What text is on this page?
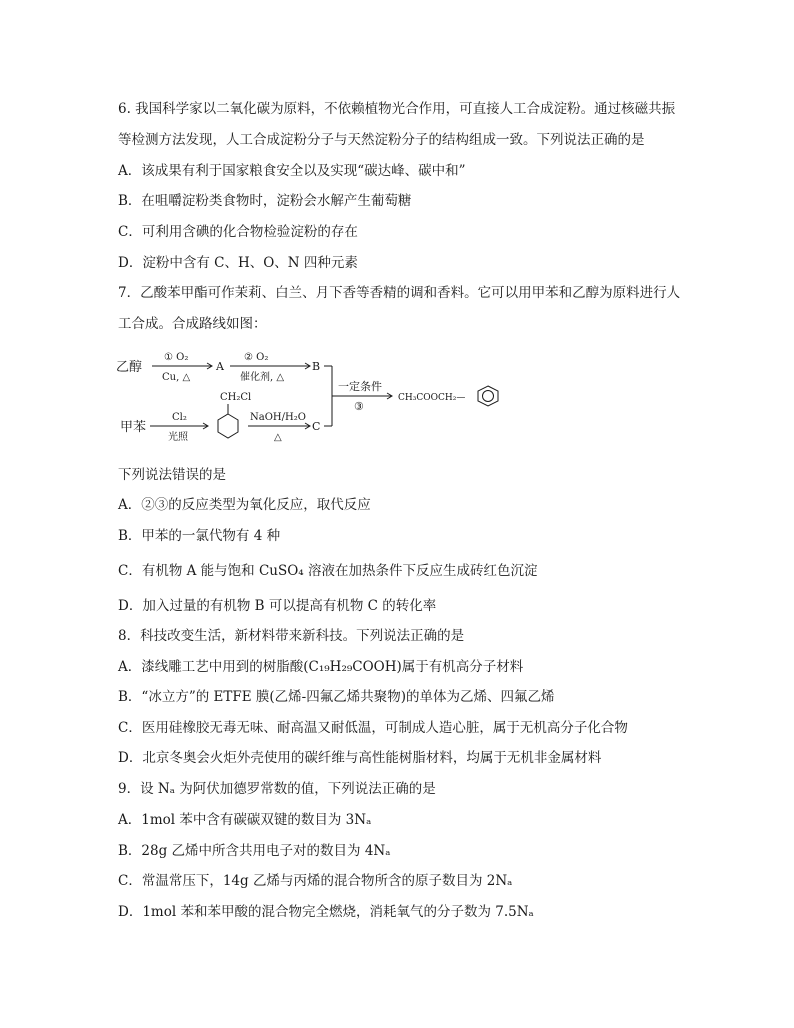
6. 我国科学家以二氧化碳为原料，不依赖植物光合作用，可直接人工合成淀粉。通过核磁共振
等检测方法发现，人工合成淀粉分子与天然淀粉分子的结构组成一致。下列说法正确的是
A．该成果有利于国家粮食安全以及实现“碳达峰、碳中和”
B．在咀嚼淀粉类食物时，淀粉会水解产生葡萄糖
C．可利用含碘的化合物检验淀粉的存在
D．淀粉中含有 C、H、O、N 四种元素
7．乙酸苯甲酯可作茉莉、白兰、月下香等香精的调和香料。它可以用甲苯和乙醇为原料进行人
工合成。合成路线如图：
乙醇
① O₂
Cu, △
A
② O₂
催化剂, △
B
甲苯
Cl₂
光照
CH₂Cl
NaOH/H₂O
△
C
一定条件
③
CH₃COOCH₂—
下列说法错误的是
A．②③的反应类型为氧化反应，取代反应
B．甲苯的一氯代物有 4 种
C．有机物 A 能与饱和 CuSO₄ 溶液在加热条件下反应生成砖红色沉淀
D．加入过量的有机物 B 可以提高有机物 C 的转化率
8．科技改变生活，新材料带来新科技。下列说法正确的是
A．漆线雕工艺中用到的树脂酸(C₁₉H₂₉COOH)属于有机高分子材料
B．“冰立方”的 ETFE 膜(乙烯-四氟乙烯共聚物)的单体为乙烯、四氟乙烯
C．医用硅橡胶无毒无味、耐高温又耐低温，可制成人造心脏，属于无机高分子化合物
D．北京冬奥会火炬外壳使用的碳纤维与高性能树脂材料，均属于无机非金属材料
9．设 Nₐ 为阿伏加德罗常数的值，下列说法正确的是
A．1mol 苯中含有碳碳双键的数目为 3Nₐ
B．28g 乙烯中所含共用电子对的数目为 4Nₐ
C．常温常压下，14g 乙烯与丙烯的混合物所含的原子数目为 2Nₐ
D．1mol 苯和苯甲酸的混合物完全燃烧，消耗氧气的分子数为 7.5Nₐ
